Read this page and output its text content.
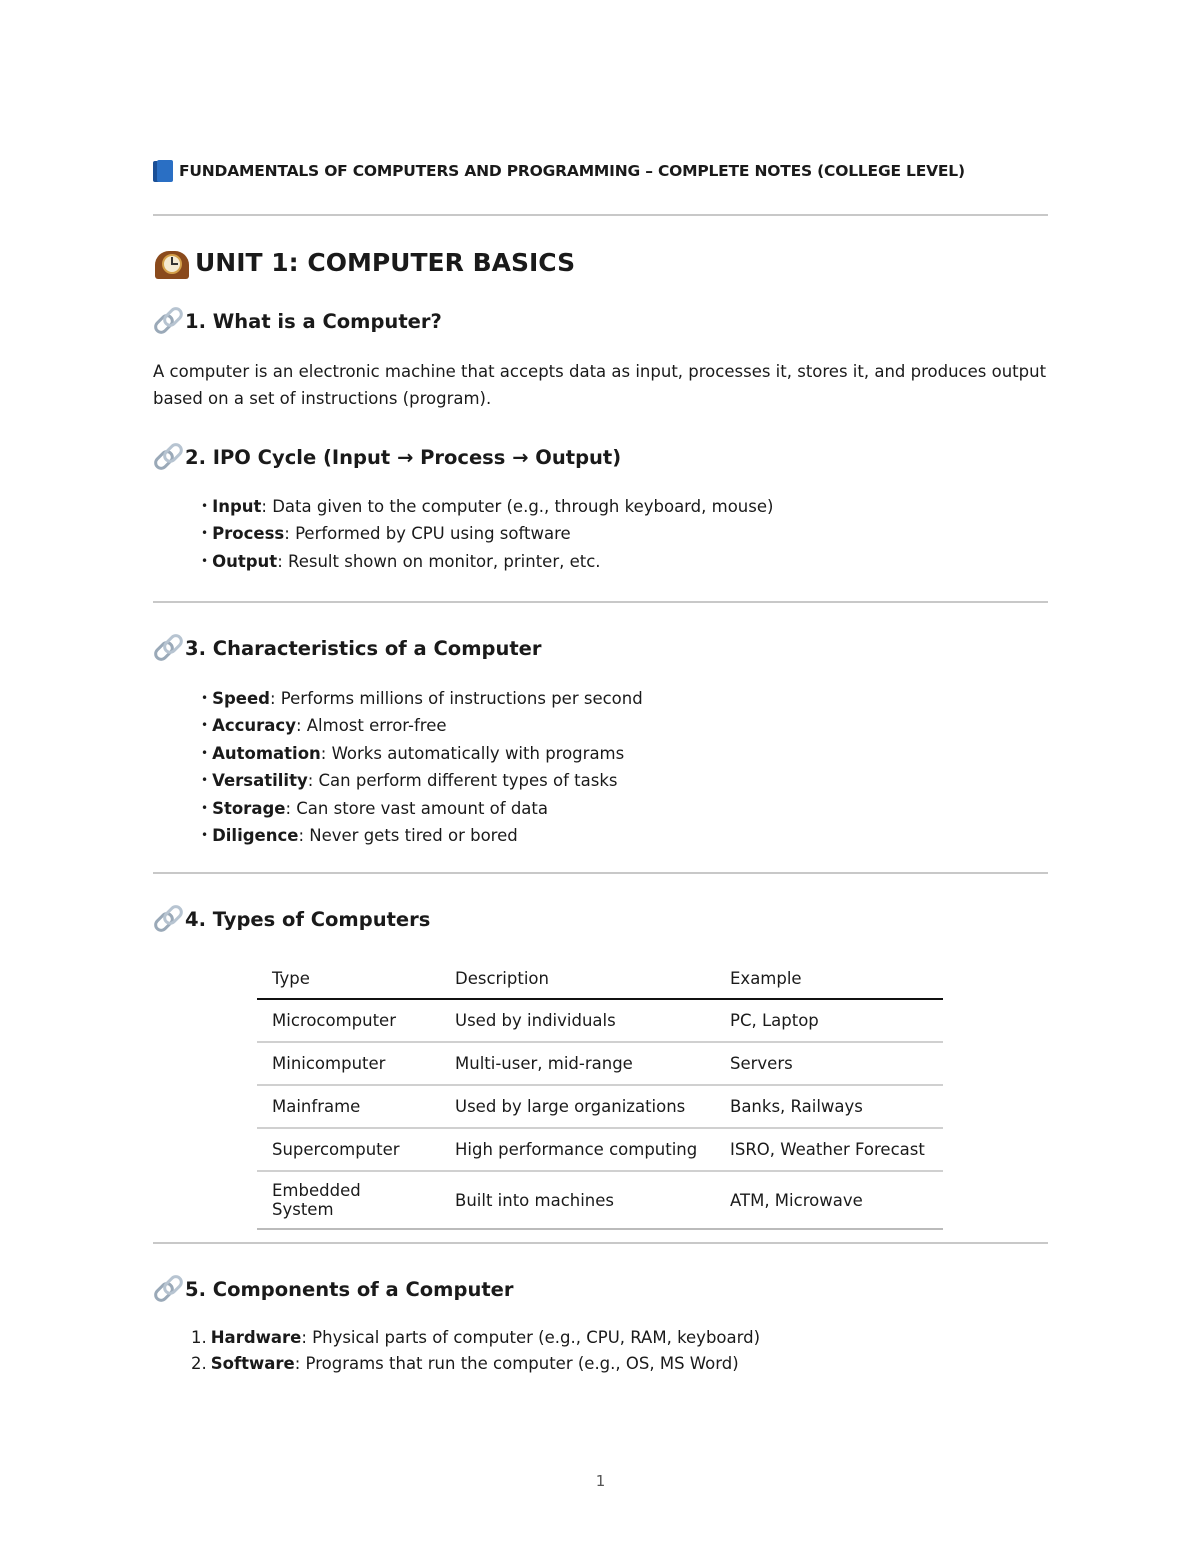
FUNDAMENTALS OF COMPUTERS AND PROGRAMMING – COMPLETE NOTES (COLLEGE LEVEL)
UNIT 1: COMPUTER BASICS
1. What is a Computer?

A computer is an electronic machine that accepts data as input, processes it, stores it, and produces output based on a set of instructions (program).

2. IPO Cycle (Input → Process → Output)
• Input: Data given to the computer (e.g., through keyboard, mouse)
• Process: Performed by CPU using software
• Output: Result shown on monitor, printer, etc.
3. Characteristics of a Computer
• Speed: Performs millions of instructions per second
• Accuracy: Almost error-free
• Automation: Works automatically with programs
• Versatility: Can perform different types of tasks
• Storage: Can store vast amount of data
• Diligence: Never gets tired or bored
4. Types of Computers
Type	Description	Example
Microcomputer	Used by individuals	PC, Laptop
Minicomputer	Multi-user, mid-range	Servers
Mainframe	Used by large organizations	Banks, Railways
Supercomputer	High performance computing	ISRO, Weather Forecast
Embedded System	Built into machines	ATM, Microwave
5. Components of a Computer
1. Hardware: Physical parts of computer (e.g., CPU, RAM, keyboard)
2. Software: Programs that run the computer (e.g., OS, MS Word)
1
